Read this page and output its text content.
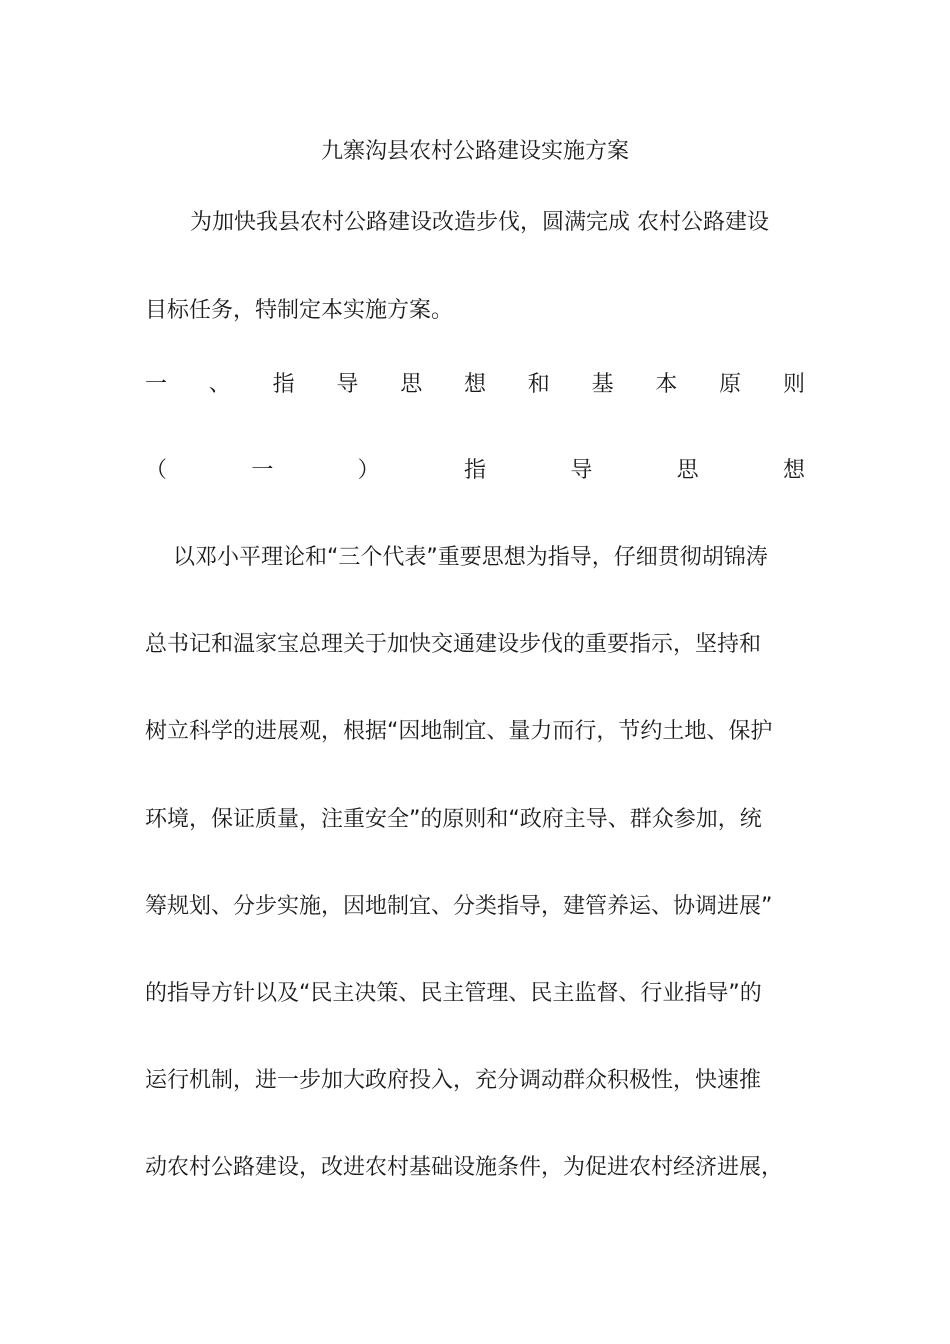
九寨沟县农村公路建设实施方案
为加快我县农村公路建设改造步伐，圆满完成 农村公路建设
目标任务，特制定本实施方案。
一 、 指 导 思 想 和 基 本 原 则
（	一	）	指	导	思	想
以邓小平理论和“三个代表”重要思想为指导，仔细贯彻胡锦涛
总书记和温家宝总理关于加快交通建设步伐的重要指示，坚持和
树立科学的进展观，根据“因地制宜、量力而行，节约土地、保护
环境，保证质量，注重安全”的原则和“政府主导、群众参加，统
筹规划、分步实施，因地制宜、分类指导，建管养运、协调进展”
的指导方针以及“民主决策、民主管理、民主监督、行业指导”的
运行机制，进一步加大政府投入，充分调动群众积极性，快速推
动农村公路建设，改进农村基础设施条件，为促进农村经济进展，
